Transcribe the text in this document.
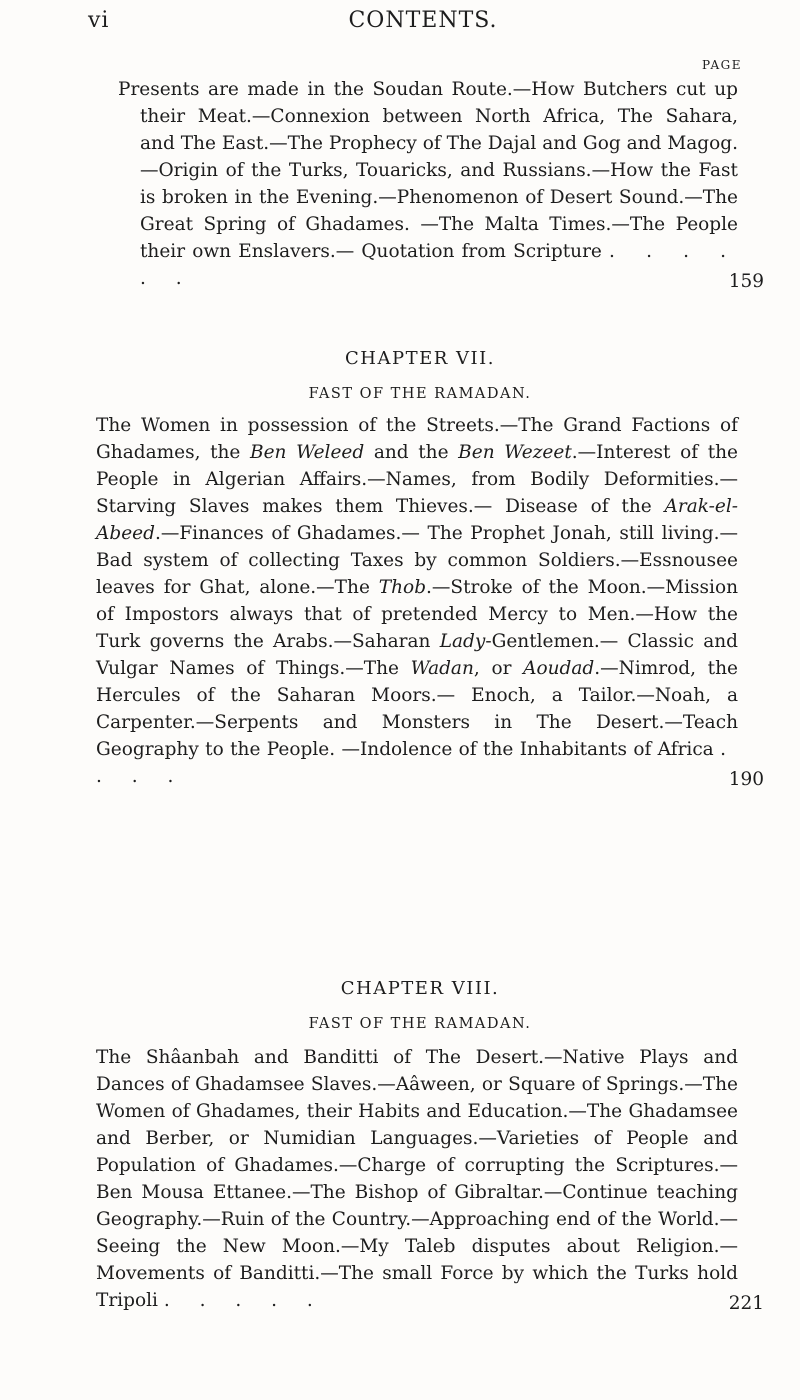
vi	CONTENTS.
PAGE

Presents are made in the Soudan Route.—How Butchers cut up their Meat.—Connexion between North Africa, The Sahara, and The East.—The Prophecy of The Dajal and Gog and Magog.—Origin of the Turks, Touaricks, and Russians.—How the Fast is broken in the Evening.—Phenomenon of Desert Sound.—The Great Spring of Ghadames. —The Malta Times.—The People their own Enslavers.— Quotation from Scripture . . . . . .	159
CHAPTER VII.
FAST OF THE RAMADAN.

The Women in possession of the Streets.—The Grand Factions of Ghadames, the Ben Weleed and the Ben Wezeet.—Interest of the People in Algerian Affairs.—Names, from Bodily Deformities.—Starving Slaves makes them Thieves.— Disease of the Arak-el-Abeed.—Finances of Ghadames.— The Prophet Jonah, still living.—Bad system of collecting Taxes by common Soldiers.—Essnousee leaves for Ghat, alone.—The Thob.—Stroke of the Moon.—Mission of Impostors always that of pretended Mercy to Men.—How the Turk governs the Arabs.—Saharan Lady-Gentlemen.— Classic and Vulgar Names of Things.—The Wadan, or Aoudad.—Nimrod, the Hercules of the Saharan Moors.— Enoch, a Tailor.—Noah, a Carpenter.—Serpents and Monsters in The Desert.—Teach Geography to the People. —Indolence of the Inhabitants of Africa . . . .	190
CHAPTER VIII.
FAST OF THE RAMADAN.

The Shâanbah and Banditti of The Desert.—Native Plays and Dances of Ghadamsee Slaves.—Aâween, or Square of Springs.—The Women of Ghadames, their Habits and Education.—The Ghadamsee and Berber, or Numidian Languages.—Varieties of People and Population of Ghadames.—Charge of corrupting the Scriptures.—Ben Mousa Ettanee.—The Bishop of Gibraltar.—Continue teaching Geography.—Ruin of the Country.—Approaching end of the World.—Seeing the New Moon.—My Taleb disputes about Religion.—Movements of Banditti.—The small Force by which the Turks hold Tripoli . . . . .	221
